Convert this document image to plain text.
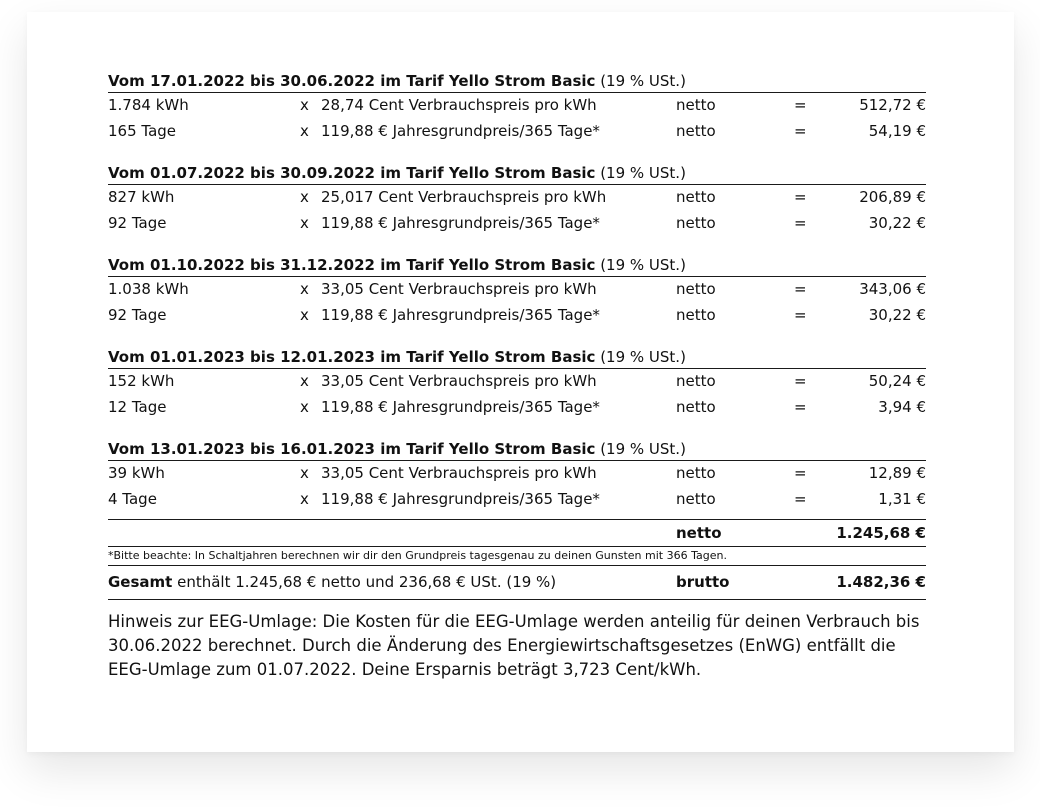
Vom 17.01.2022 bis 30.06.2022 im Tarif Yello Strom Basic (19 % USt.)
1.784 kWh	x 28,74 Cent Verbrauchspreis pro kWh	netto	=	512,72 €
165 Tage	x 119,88 € Jahresgrundpreis/365 Tage*	netto	=	54,19 €
Vom 01.07.2022 bis 30.09.2022 im Tarif Yello Strom Basic (19 % USt.)
827 kWh	x 25,017 Cent Verbrauchspreis pro kWh	netto	=	206,89 €
92 Tage	x 119,88 € Jahresgrundpreis/365 Tage*	netto	=	30,22 €
Vom 01.10.2022 bis 31.12.2022 im Tarif Yello Strom Basic (19 % USt.)
1.038 kWh	x 33,05 Cent Verbrauchspreis pro kWh	netto	=	343,06 €
92 Tage	x 119,88 € Jahresgrundpreis/365 Tage*	netto	=	30,22 €
Vom 01.01.2023 bis 12.01.2023 im Tarif Yello Strom Basic (19 % USt.)
152 kWh	x 33,05 Cent Verbrauchspreis pro kWh	netto	=	50,24 €
12 Tage	x 119,88 € Jahresgrundpreis/365 Tage*	netto	=	3,94 €
Vom 13.01.2023 bis 16.01.2023 im Tarif Yello Strom Basic (19 % USt.)
39 kWh	x 33,05 Cent Verbrauchspreis pro kWh	netto	=	12,89 €
4 Tage	x 119,88 € Jahresgrundpreis/365 Tage*	netto	=	1,31 €
netto	1.245,68 €
*Bitte beachte: In Schaltjahren berechnen wir dir den Grundpreis tagesgenau zu deinen Gunsten mit 366 Tagen.
Gesamt enthält 1.245,68 € netto und 236,68 € USt. (19 %)	brutto	1.482,36 €

Hinweis zur EEG-Umlage: Die Kosten für die EEG-Umlage werden anteilig für deinen Verbrauch bis 30.06.2022 berechnet. Durch die Änderung des Energiewirtschaftsgesetzes (EnWG) entfällt die EEG-Umlage zum 01.07.2022. Deine Ersparnis beträgt 3,723 Cent/kWh.
